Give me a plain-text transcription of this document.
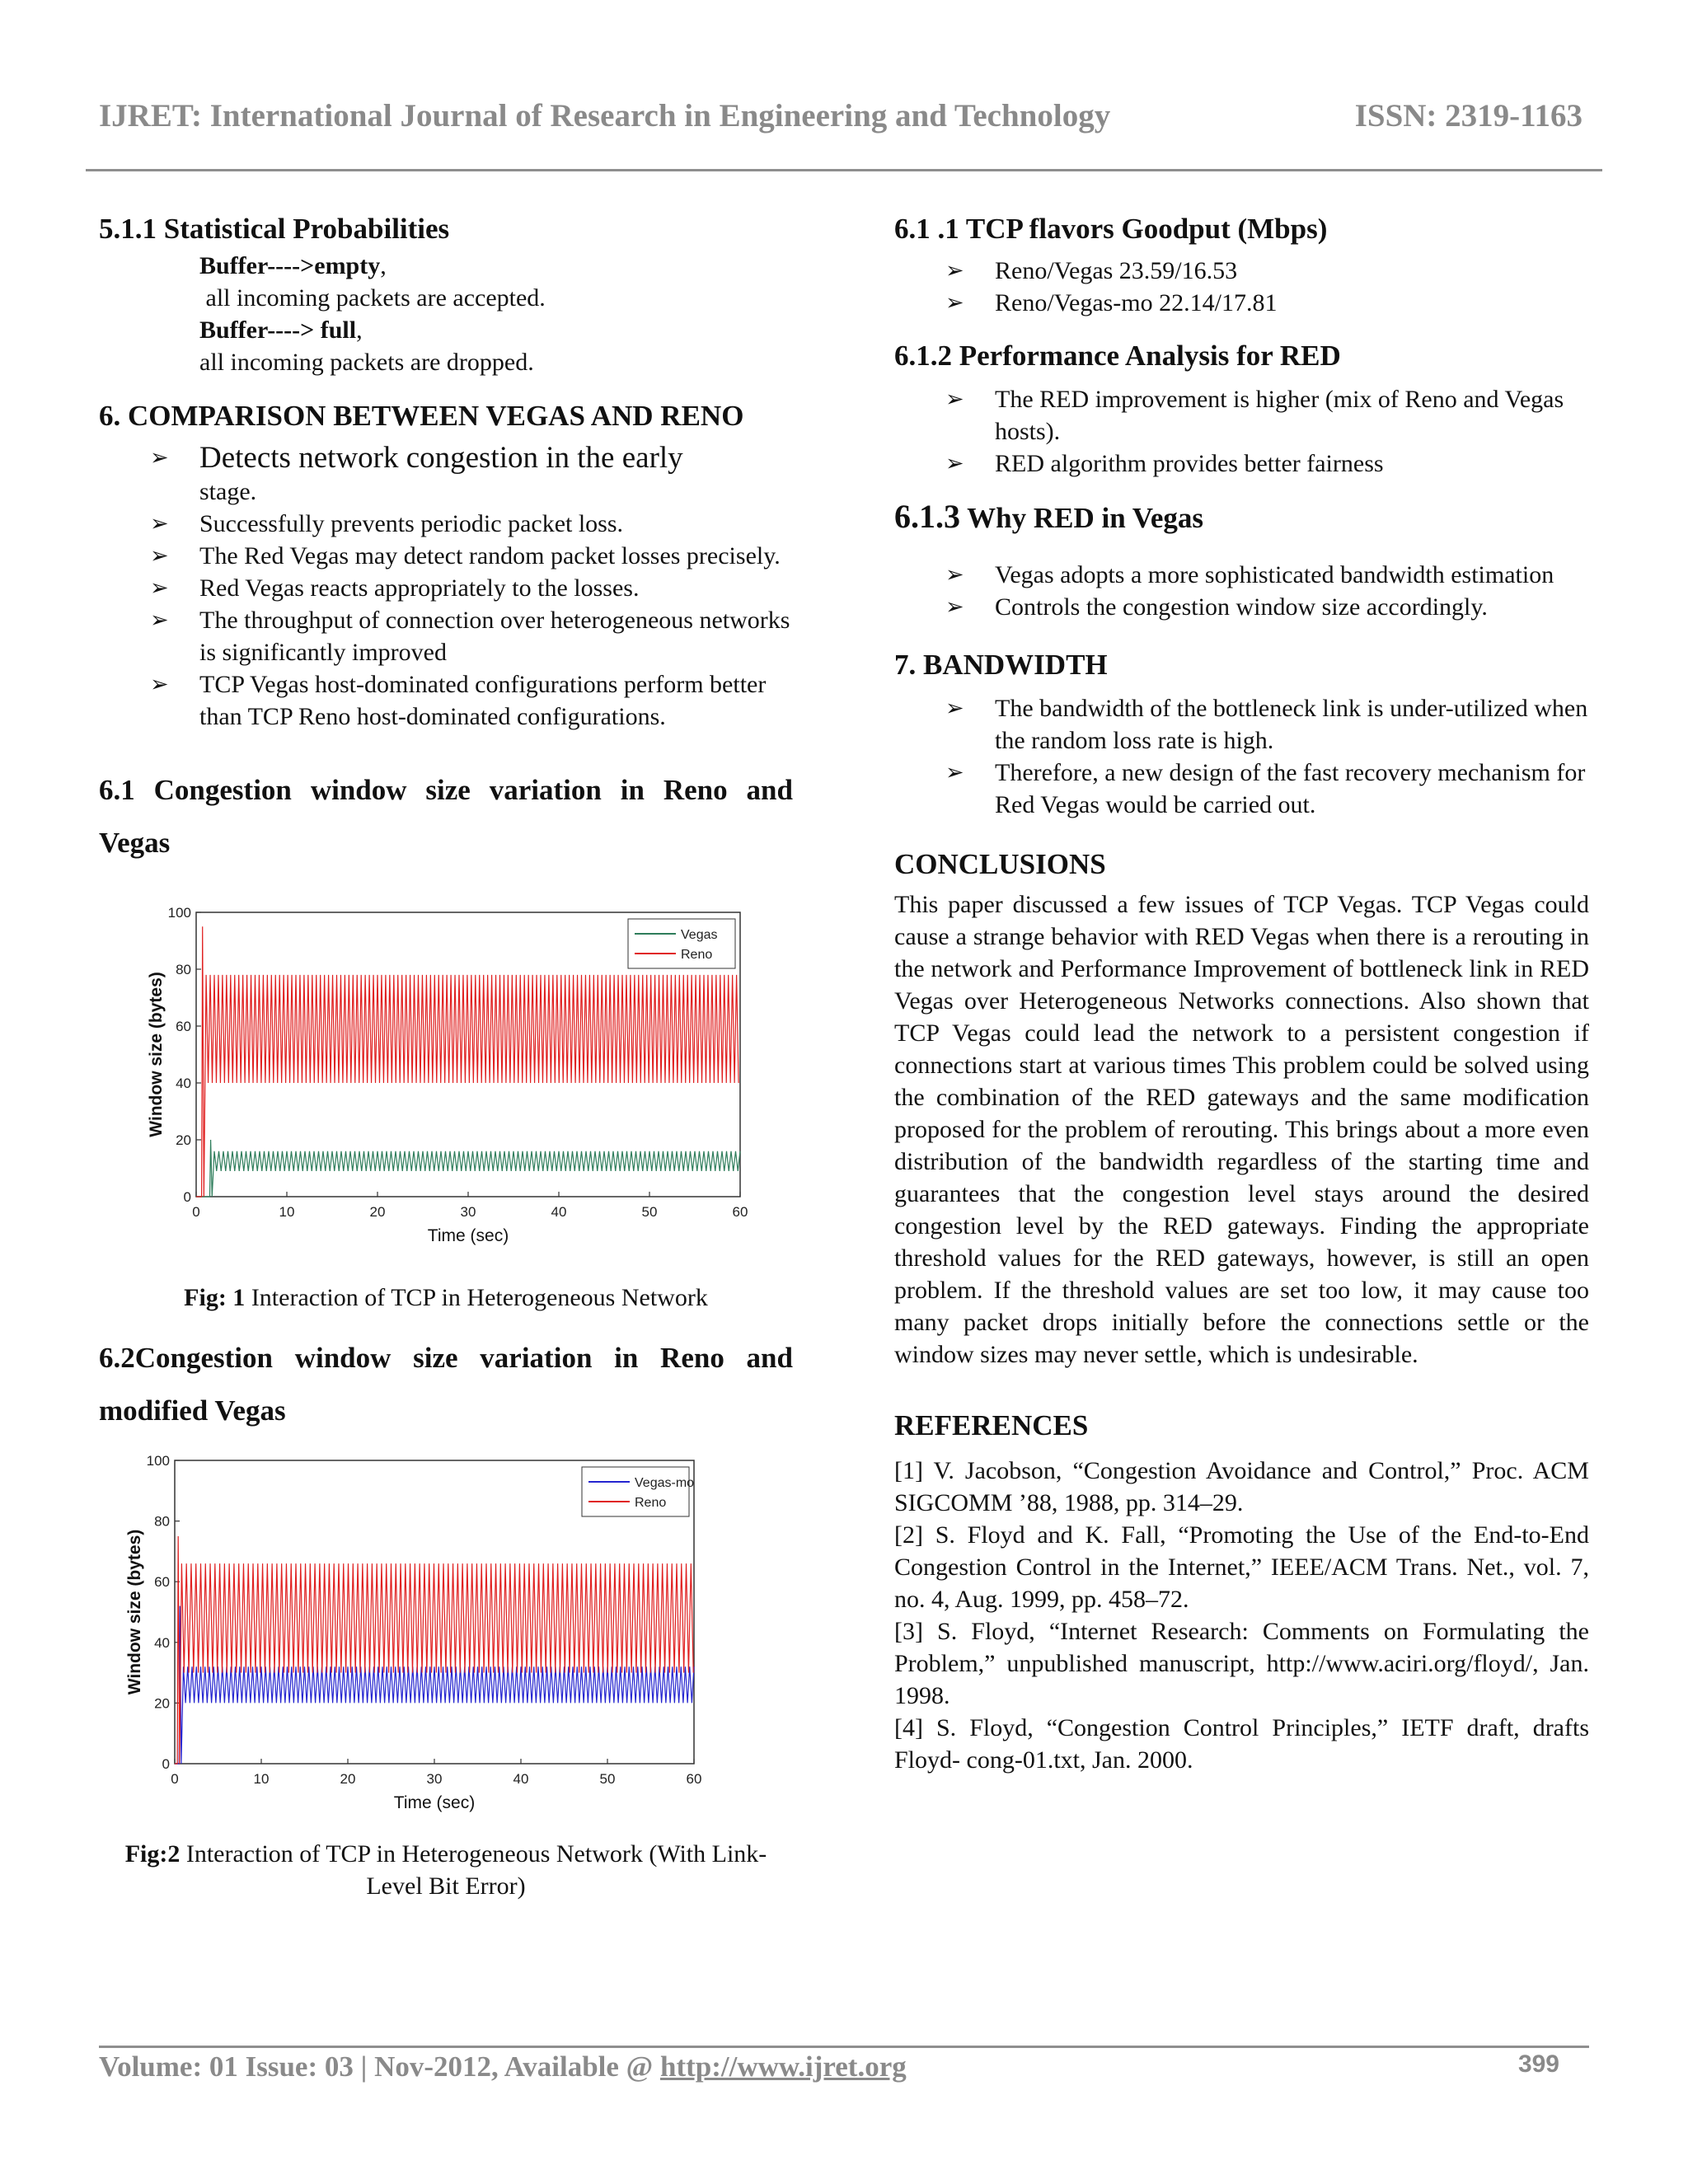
IJRET: International Journal of Research in Engineering and Technology	ISSN: 2319-1163
5.1.1 Statistical Probabilities

Buffer---->empty,

all incoming packets are accepted.

Buffer----> full,

all incoming packets are dropped.

6. COMPARISON BETWEEN VEGAS AND RENO
➢ Detects network congestion in the early
stage.
➢ Successfully prevents periodic packet loss.
➢ The Red Vegas may detect random packet losses precisely.
➢ Red Vegas reacts appropriately to the losses.
➢ The throughput of connection over heterogeneous networks is significantly improved
➢ TCP Vegas host-dominated configurations perform better than TCP Reno host-dominated configurations.
6.1 Congestion window size variation in Reno and
Vegas
0	10	20	30	40	50	60
0
20
40
60
80
100
Time (sec)
Window size (bytes)
Vegas
Reno
Fig: 1 Interaction of TCP in Heterogeneous Network
6.2Congestion window size variation in Reno and
modified Vegas
0	10	20	30	40	50	60
0
20
40
60
80
100
Time (sec)
Window size (bytes)
Vegas-mo
Reno
Fig:2 Interaction of TCP in Heterogeneous Network (With Link-Level Bit Error)
6.1 .1 TCP flavors Goodput (Mbps)
➢ Reno/Vegas 23.59/16.53
➢ Reno/Vegas-mo 22.14/17.81
6.1.2 Performance Analysis for RED
➢ The RED improvement is higher (mix of Reno and Vegas hosts).
➢ RED algorithm provides better fairness
6.1.3 Why RED in Vegas
➢ Vegas adopts a more sophisticated bandwidth estimation
➢ Controls the congestion window size accordingly.
7. BANDWIDTH
➢ The bandwidth of the bottleneck link is under-utilized when the random loss rate is high.
➢ Therefore, a new design of the fast recovery mechanism for Red Vegas would be carried out.
CONCLUSIONS

This paper discussed a few issues of TCP Vegas. TCP Vegas could cause a strange behavior with RED Vegas when there is a rerouting in the network and Performance Improvement of bottleneck link in RED Vegas over Heterogeneous Networks connections. Also shown that TCP Vegas could lead the network to a persistent congestion if connections start at various times This problem could be solved using the combination of the RED gateways and the same modification proposed for the problem of rerouting. This brings about a more even distribution of the bandwidth regardless of the starting time and guarantees that the congestion level stays around the desired congestion level by the RED gateways. Finding the appropriate threshold values for the RED gateways, however, is still an open problem. If the threshold values are set too low, it may cause too many packet drops initially before the connections settle or the window sizes may never settle, which is undesirable.

REFERENCES

[1] V. Jacobson, “Congestion Avoidance and Control,” Proc. ACM SIGCOMM ’88, 1988, pp. 314–29.

[2] S. Floyd and K. Fall, “Promoting the Use of the End-to-End Congestion Control in the Internet,” IEEE/ACM Trans. Net., vol. 7, no. 4, Aug. 1999, pp. 458–72.

[3] S. Floyd, “Internet Research: Comments on Formulating the Problem,” unpublished manuscript, http://www.aciri.org/floyd/, Jan. 1998.

[4] S. Floyd, “Congestion Control Principles,” IETF draft, drafts Floyd- cong-01.txt, Jan. 2000.

Volume: 01 Issue: 03 | Nov-2012, Available @ http://www.ijret.org	399
